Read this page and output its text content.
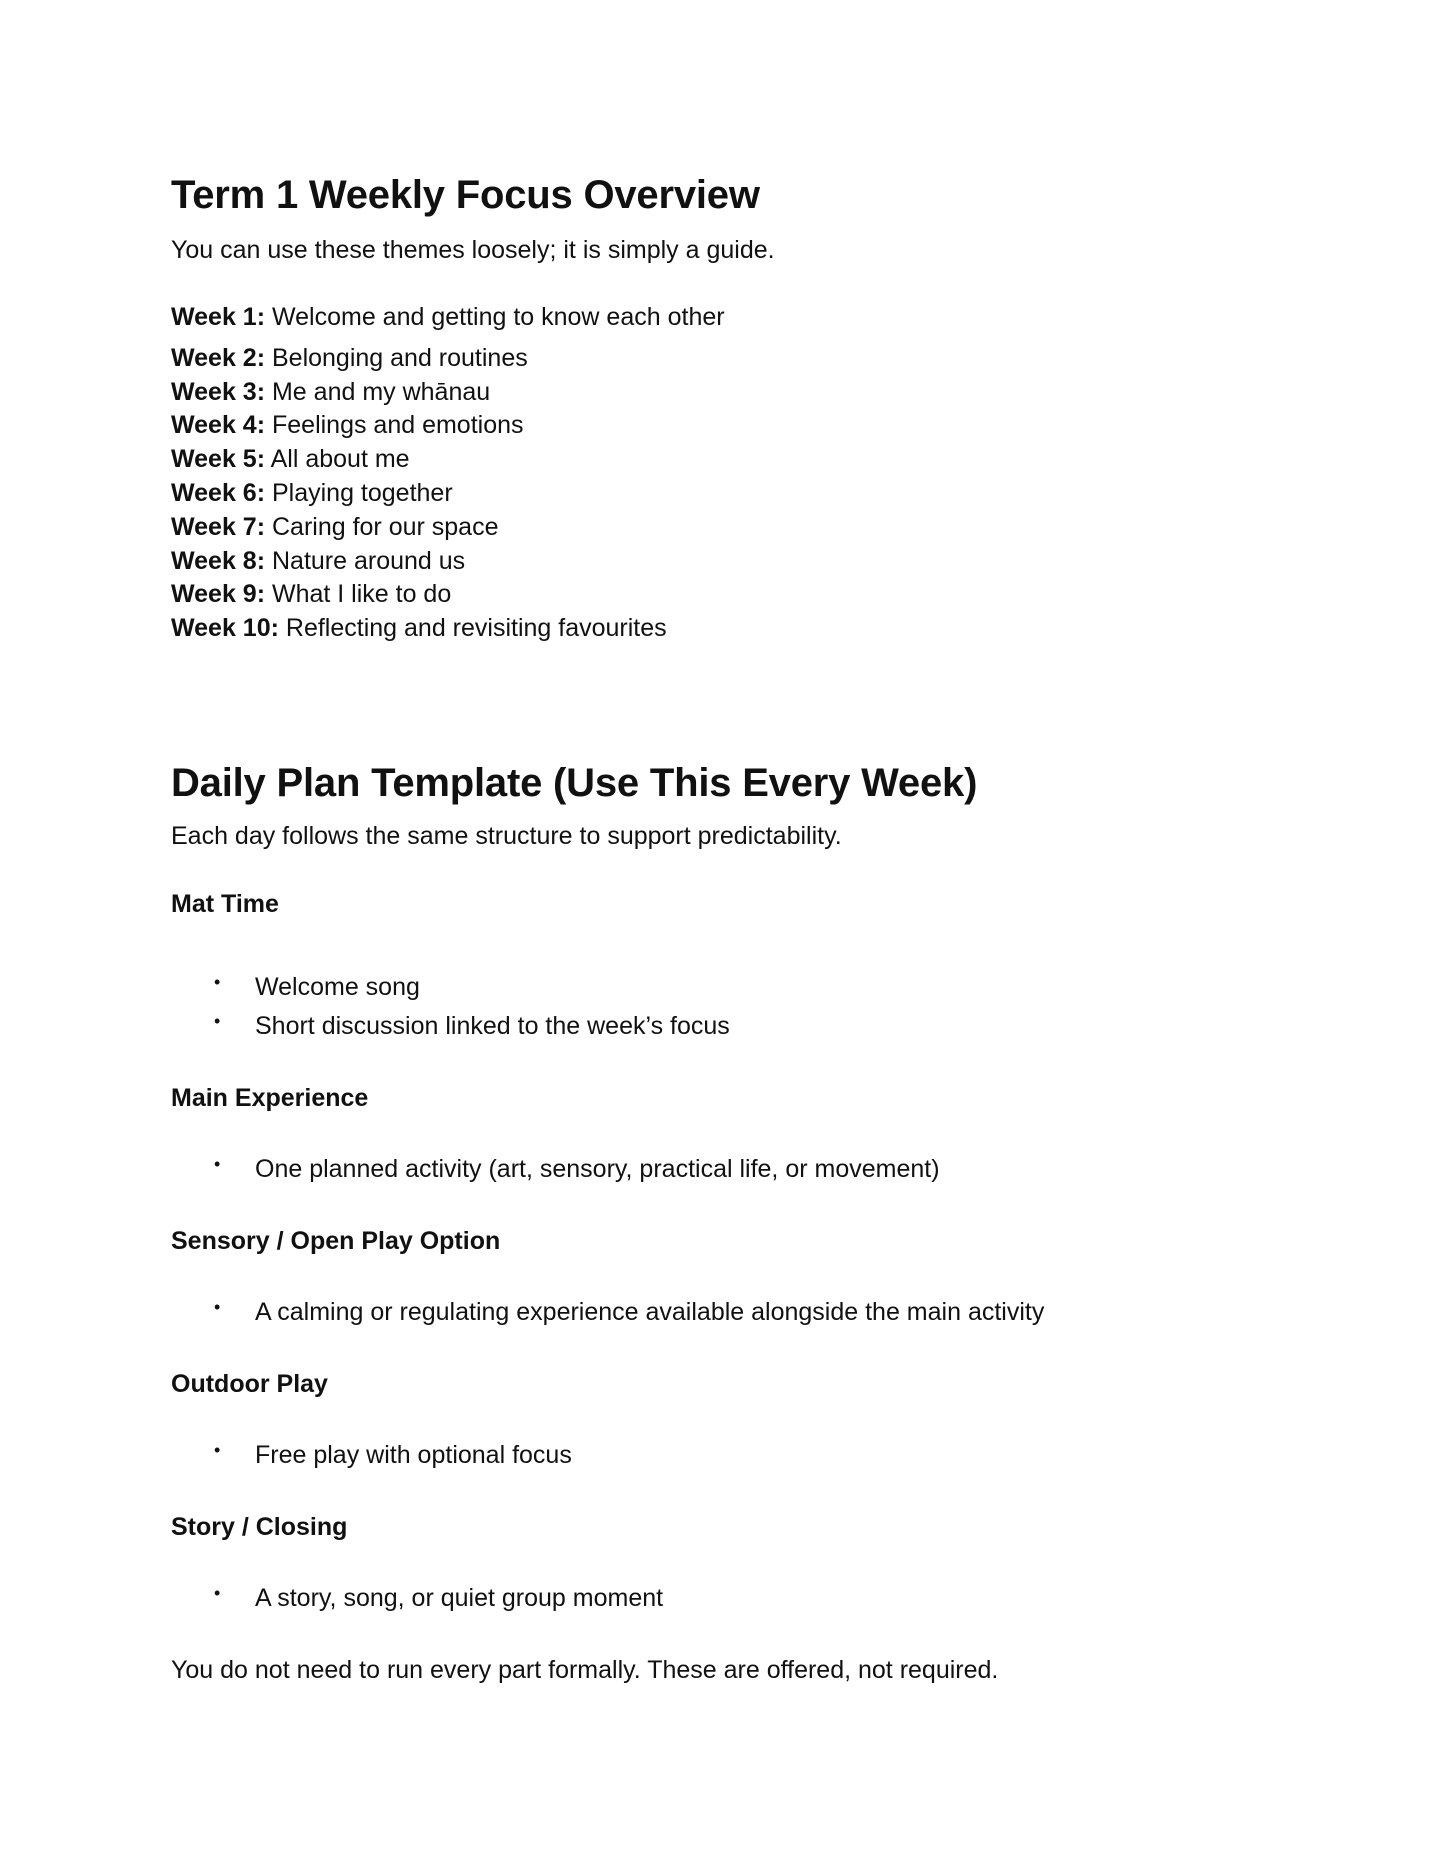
Term 1 Weekly Focus Overview

You can use these themes loosely; it is simply a guide.

Week 1: Welcome and getting to know each other
Week 2: Belonging and routines
Week 3: Me and my whānau
Week 4: Feelings and emotions
Week 5: All about me
Week 6: Playing together
Week 7: Caring for our space
Week 8: Nature around us
Week 9: What I like to do
Week 10: Reflecting and revisiting favourites
Daily Plan Template (Use This Every Week)

Each day follows the same structure to support predictability.

Mat Time
• Welcome song
• Short discussion linked to the week’s focus
Main Experience
• One planned activity (art, sensory, practical life, or movement)
Sensory / Open Play Option
• A calming or regulating experience available alongside the main activity
Outdoor Play
• Free play with optional focus
Story / Closing
• A story, song, or quiet group moment

You do not need to run every part formally. These are offered, not required.
